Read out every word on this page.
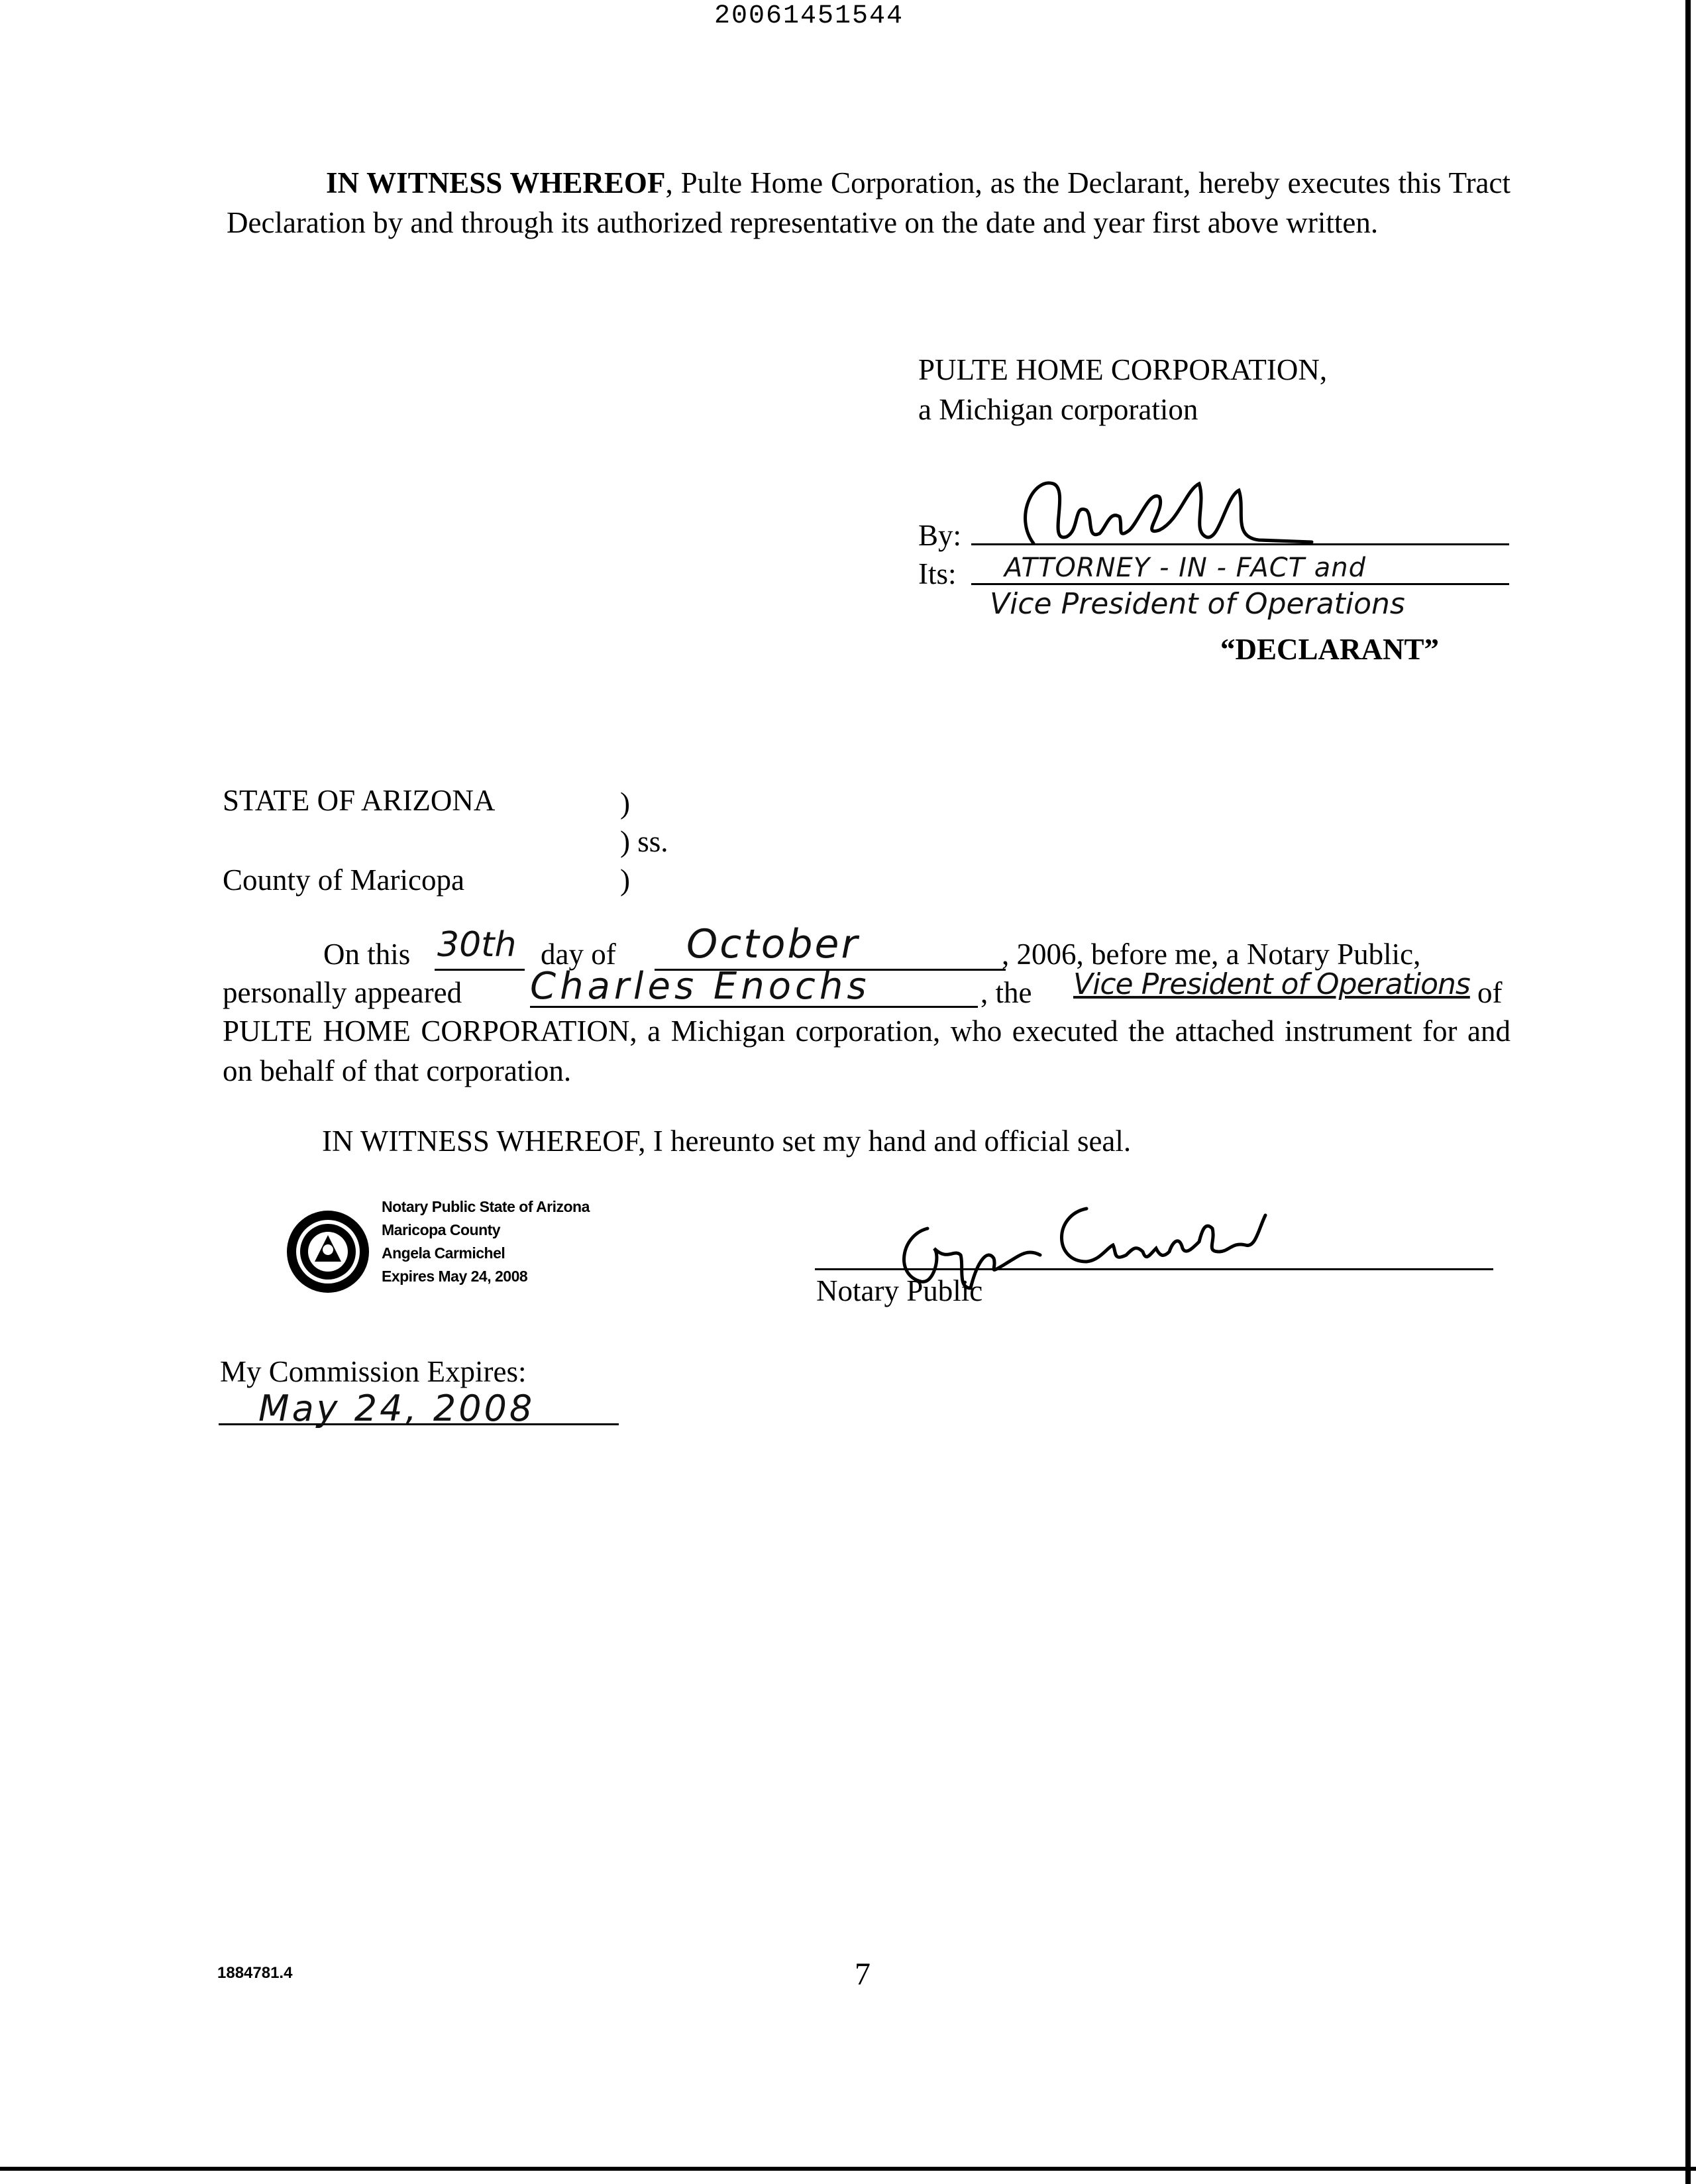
20061451544
IN WITNESS WHEREOF, Pulte Home Corporation, as the Declarant, hereby executes this Tract Declaration by and through its authorized representative on the date and year first above written.
PULTE HOME CORPORATION,
a Michigan corporation
By:
Its: ATTORNEY - IN - FACT and
Vice President of Operations
“DECLARANT”
STATE OF ARIZONA	)
) ss.
County of Maricopa	)
On this 30th day of October	, 2006, before me, a Notary Public,
personally appeared Charles Enochs	, the Vice President of Operations of
PULTE HOME CORPORATION, a Michigan corporation, who executed the attached instrument for and on behalf of that corporation.
IN WITNESS WHEREOF, I hereunto set my hand and official seal.
Notary Public State of Arizona
Maricopa County
Angela Carmichel
Expires May 24, 2008	Notary Public
My Commission Expires:
May 24, 2008
1884781.4	7
